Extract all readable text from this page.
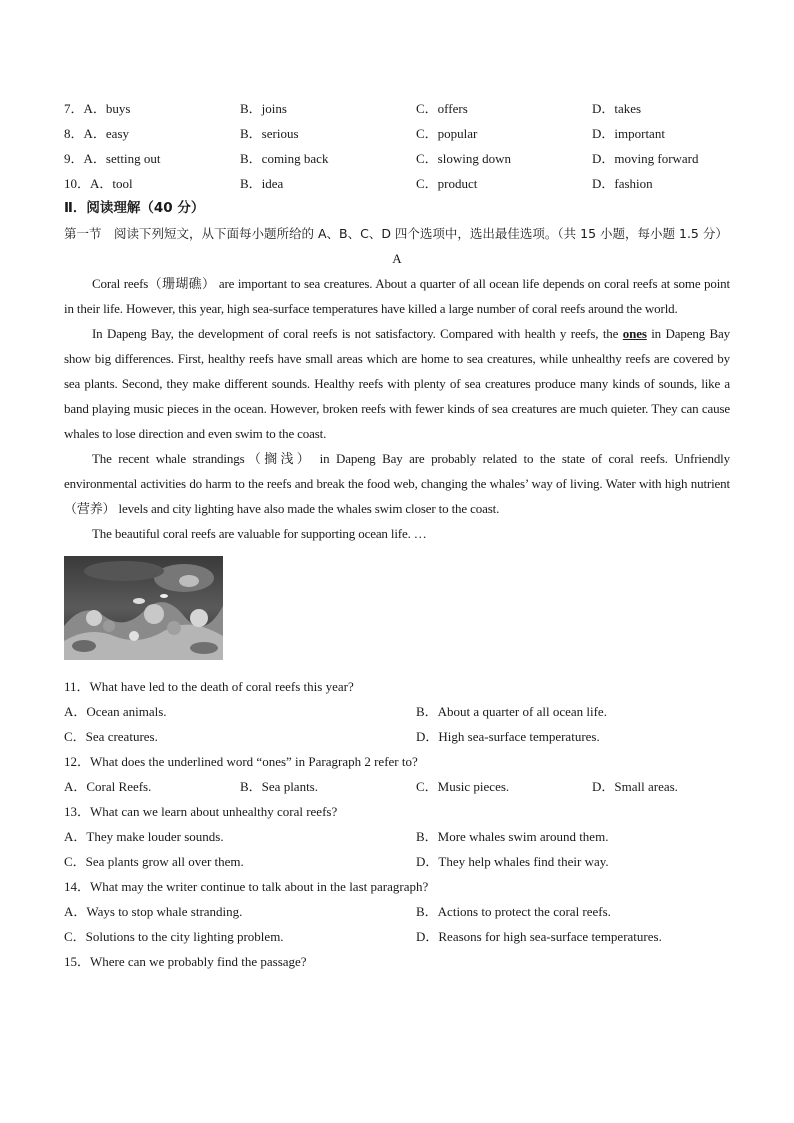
7．A．buys	B．joins	C．offers	D．takes
8．A．easy	B．serious	C．popular	D．important
9．A．setting out	B．coming back	C．slowing down	D．moving forward
10．A．tool	B．idea	C．product	D．fashion
Ⅱ．阅读理解（40 分）
第一节　阅读下列短文，从下面每小题所给的 A、B、C、D 四个选项中，选出最佳选项。（共 15 小题，每小题 1.5 分）
A

Coral reefs（珊瑚礁） are important to sea creatures. About a quarter of all ocean life depends on coral reefs at some point in their life. However, this year, high sea-surface temperatures have killed a large number of coral reefs around the world.

In Dapeng Bay, the development of coral reefs is not satisfactory. Compared with health y reefs, the ones in Dapeng Bay show big differences. First, healthy reefs have small areas which are home to sea creatures, while unhealthy reefs are covered by sea plants. Second, they make different sounds. Healthy reefs with plenty of sea creatures produce many kinds of sounds, like a band playing music pieces in the ocean. However, broken reefs with fewer kinds of sea creatures are much quieter. They can cause whales to lose direction and even swim to the coast.

The recent whale strandings（搁浅） in Dapeng Bay are probably related to the state of coral reefs. Unfriendly environmental activities do harm to the reefs and break the food web, changing the whales’ way of living. Water with high nutrient（营养） levels and city lighting have also made the whales swim closer to the coast.

The beautiful coral reefs are valuable for supporting ocean life. …

11．What have led to the death of coral reefs this year?
A．Ocean animals.	B．About a quarter of all ocean life.
C．Sea creatures.	D．High sea-surface temperatures.
12．What does the underlined word “ones” in Paragraph 2 refer to?
A．Coral Reefs.	B．Sea plants.	C．Music pieces.	D．Small areas.
13．What can we learn about unhealthy coral reefs?
A．They make louder sounds.	B．More whales swim around them.
C．Sea plants grow all over them.	D．They help whales find their way.
14．What may the writer continue to talk about in the last paragraph?
A．Ways to stop whale stranding.	B．Actions to protect the coral reefs.
C．Solutions to the city lighting problem.	D．Reasons for high sea-surface temperatures.
15．Where can we probably find the passage?
